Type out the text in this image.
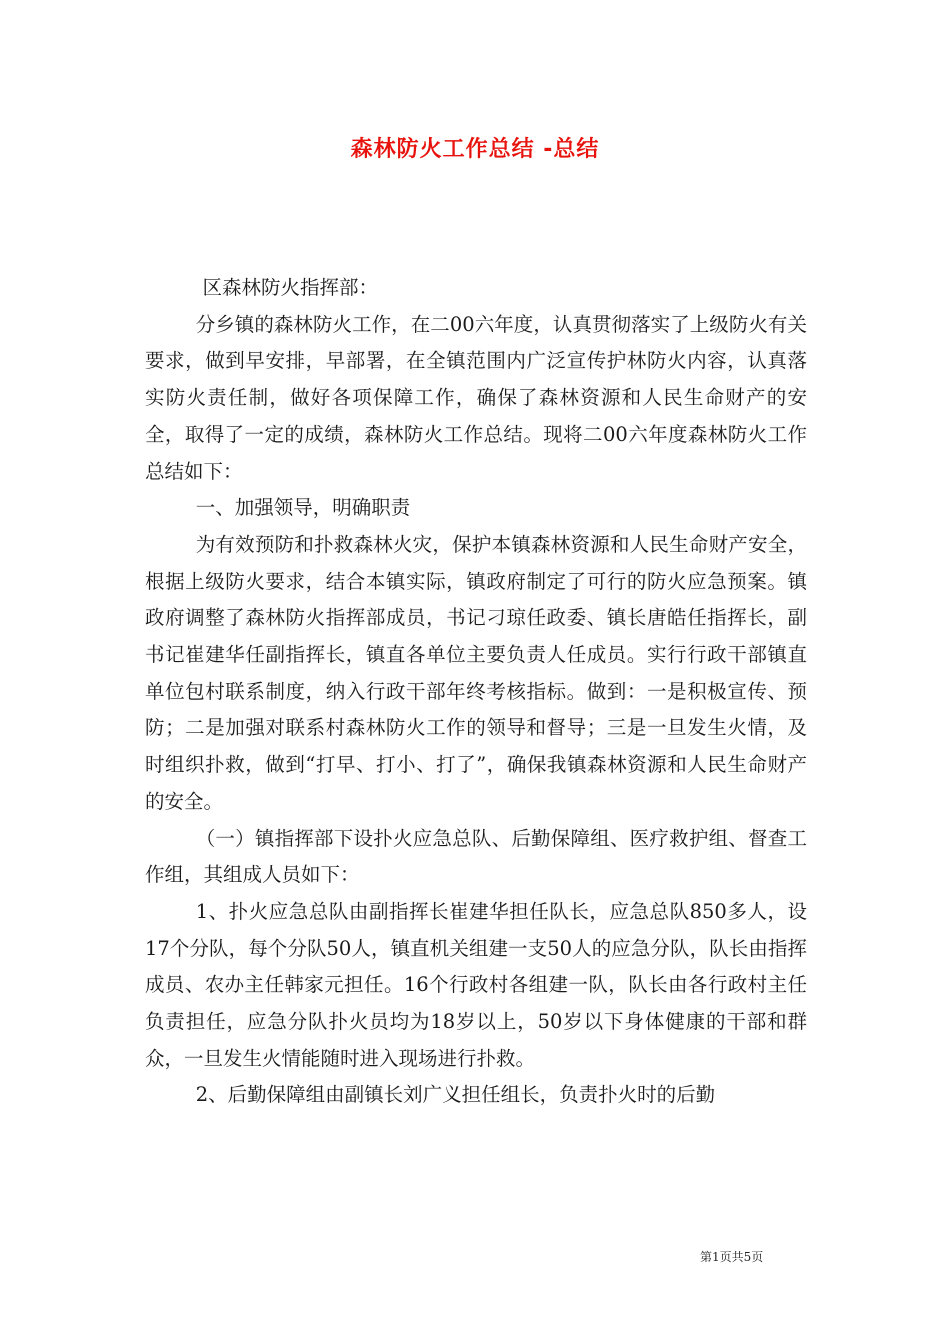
森林防火工作总结 -总结

区森林防火指挥部：

分乡镇的森林防火工作，在二00六年度，认真贯彻落实了上级防火有关要求，做到早安排，早部署，在全镇范围内广泛宣传护林防火内容，认真落实防火责任制，做好各项保障工作，确保了森林资源和人民生命财产的安全，取得了一定的成绩，森林防火工作总结。现将二00六年度森林防火工作总结如下：

一、加强领导，明确职责

为有效预防和扑救森林火灾，保护本镇森林资源和人民生命财产安全，根据上级防火要求，结合本镇实际，镇政府制定了可行的防火应急预案。镇政府调整了森林防火指挥部成员，书记刁琼任政委、镇长唐皓任指挥长，副书记崔建华任副指挥长，镇直各单位主要负责人任成员。实行行政干部镇直单位包村联系制度，纳入行政干部年终考核指标。做到：一是积极宣传、预防；二是加强对联系村森林防火工作的领导和督导；三是一旦发生火情，及时组织扑救，做到“打早、打小、打了”，确保我镇森林资源和人民生命财产的安全。

（一）镇指挥部下设扑火应急总队、后勤保障组、医疗救护组、督查工作组，其组成人员如下：

1、扑火应急总队由副指挥长崔建华担任队长，应急总队850多人，设17个分队，每个分队50人，镇直机关组建一支50人的应急分队，队长由指挥成员、农办主任韩家元担任。16个行政村各组建一队，队长由各行政村主任负责担任，应急分队扑火员均为18岁以上，50岁以下身体健康的干部和群众，一旦发生火情能随时进入现场进行扑救。

2、后勤保障组由副镇长刘广义担任组长，负责扑火时的后勤

第1页共5页
